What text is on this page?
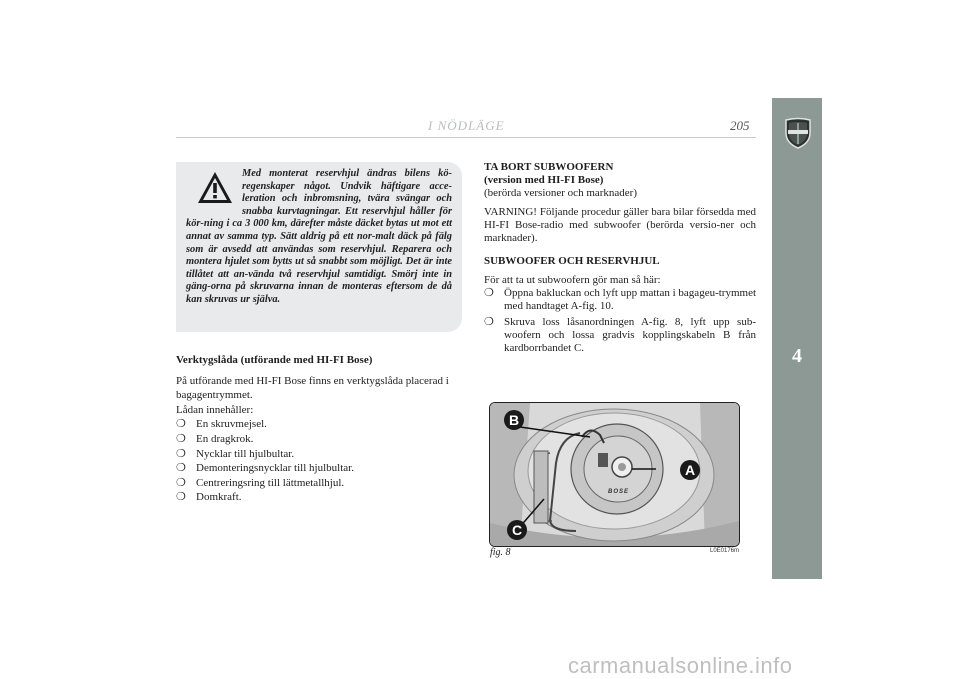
I NÖDLÄGE	205
4

Med monterat reservhjul ändras bilens kö-regenskaper något. Undvik häftigare acce-leration och inbromsning, tvära svängar och snabba kurvtagningar. Ett reservhjul håller för kör-ning i ca 3 000 km, därefter måste däcket bytas ut mot ett annat av samma typ. Sätt aldrig på ett nor-malt däck på fälg som är avsedd att användas som reservhjul. Reparera och montera hjulet som bytts ut så snabbt som möjligt. Det är inte tillåtet att an-vända två reservhjul samtidigt. Smörj inte in gäng-orna på skruvarna innan de monteras eftersom de då kan skruvas ur själva.

Verktygslåda (utförande med HI-FI Bose)

På utförande med HI-FI Bose finns en verktygslåda placerad i bagagentrymmet.

Lådan innehåller:

❍ En skruvmejsel.
❍ En dragkrok.
❍ Nycklar till hjulbultar.
❍ Demonteringsnycklar till hjulbultar.
❍ Centreringsring till lättmetallhjul.
❍ Domkraft.

TA BORT SUBWOOFERN

(version med HI-FI Bose)

(berörda versioner och marknader)

VARNING! Följande procedur gäller bara bilar försedda med HI-FI Bose-radio med subwoofer (berörda versio-ner och marknader).

SUBWOOFER OCH RESERVHJUL

För att ta ut subwoofern gör man så här:

❍ Öppna bakluckan och lyft upp mattan i bagageu-trymmet med handtaget A-fig. 10.
❍ Skruva loss låsanordningen A-fig. 8, lyft upp sub-woofern och lossa gradvis kopplingskabeln B från kardborrbandet C.
B
A
C
BOSE
fig. 8	L0E0176m
carmanualsonline.info
